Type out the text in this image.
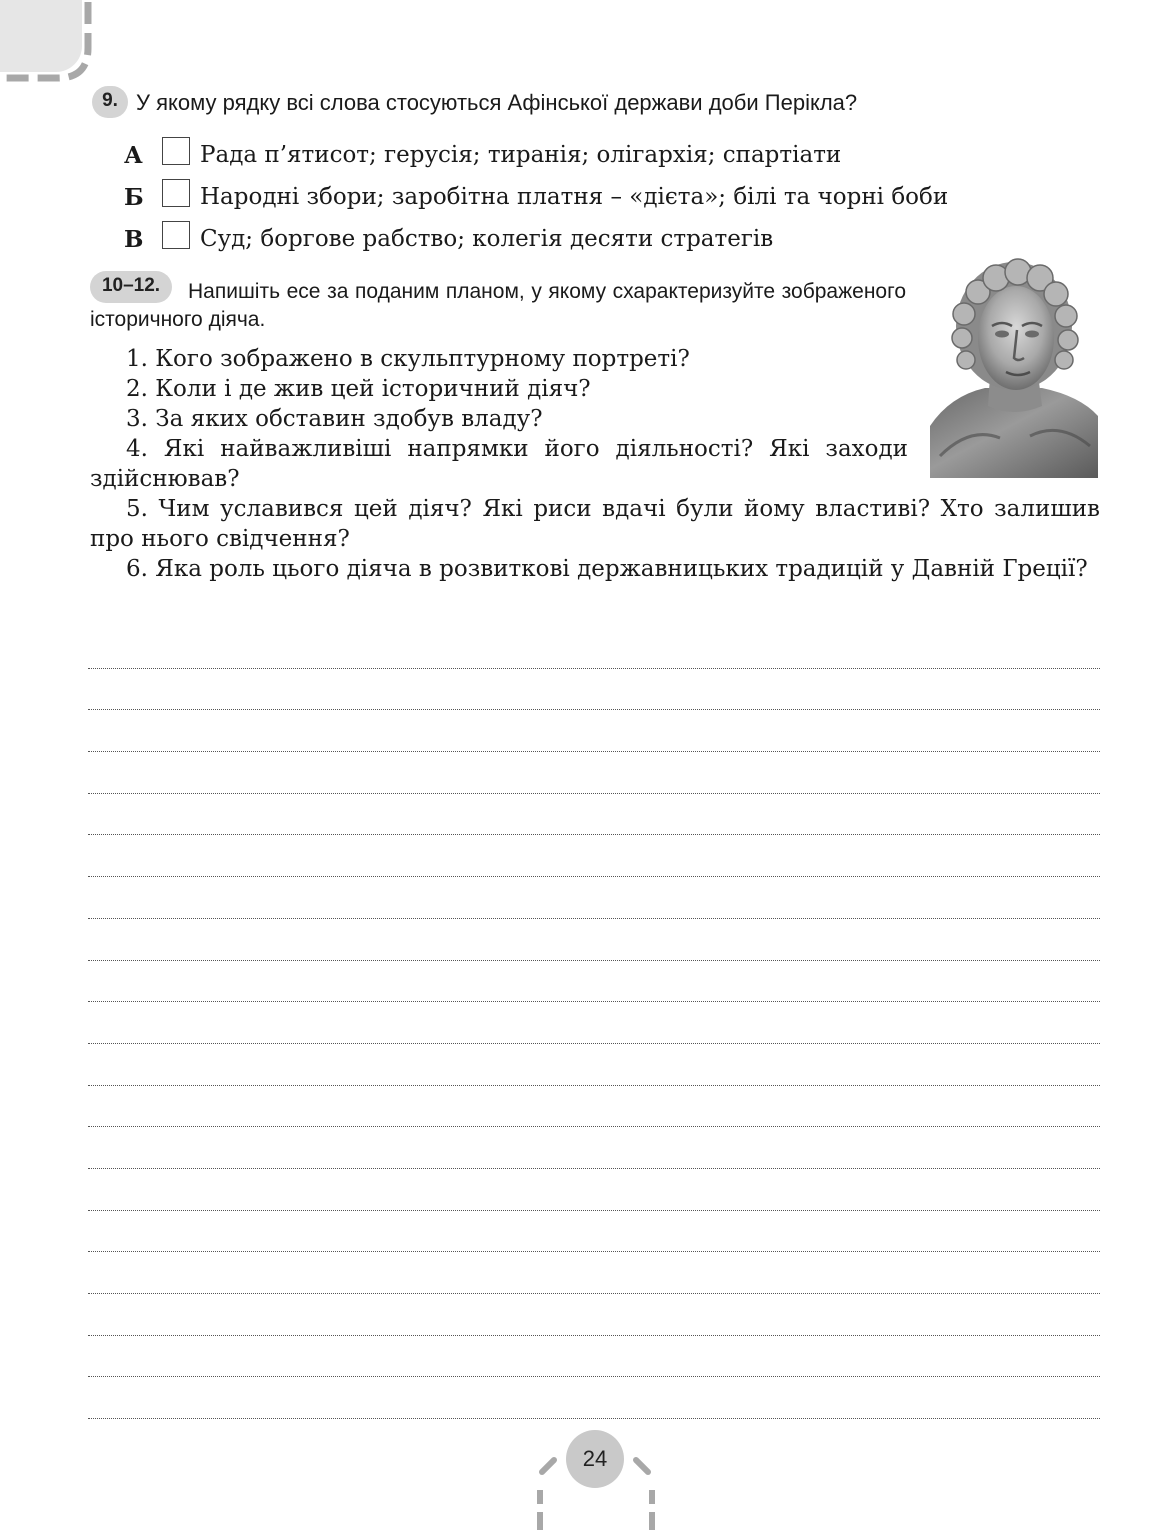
9. У якому рядку всі слова стосуються Афінської держави доби Перікла?
А	Рада п’ятисот; герусія; тиранія; олігархія; спартіати
Б	Народні збори; заробітна платня – «дієта»; білі та чорні боби
В	Суд; боргове рабство; колегія десяти стратегів
10–12.	Напишіть есе за поданим планом, у якому схарактеризуйте зображеного історичного діяча.
1. Кого зображено в скульптурному портреті?
2. Коли і де жив цей історичний діяч?
3. За яких обставин здобув владу?
4. Які найважливіші напрямки його діяльності? Які заходи здійснював?
5. Чим уславився цей діяч? Які риси вдачі були йому властиві? Хто залишив про нього свідчення?
6. Яка роль цього діяча в розвиткові державницьких традицій у Давній Греції?
24
